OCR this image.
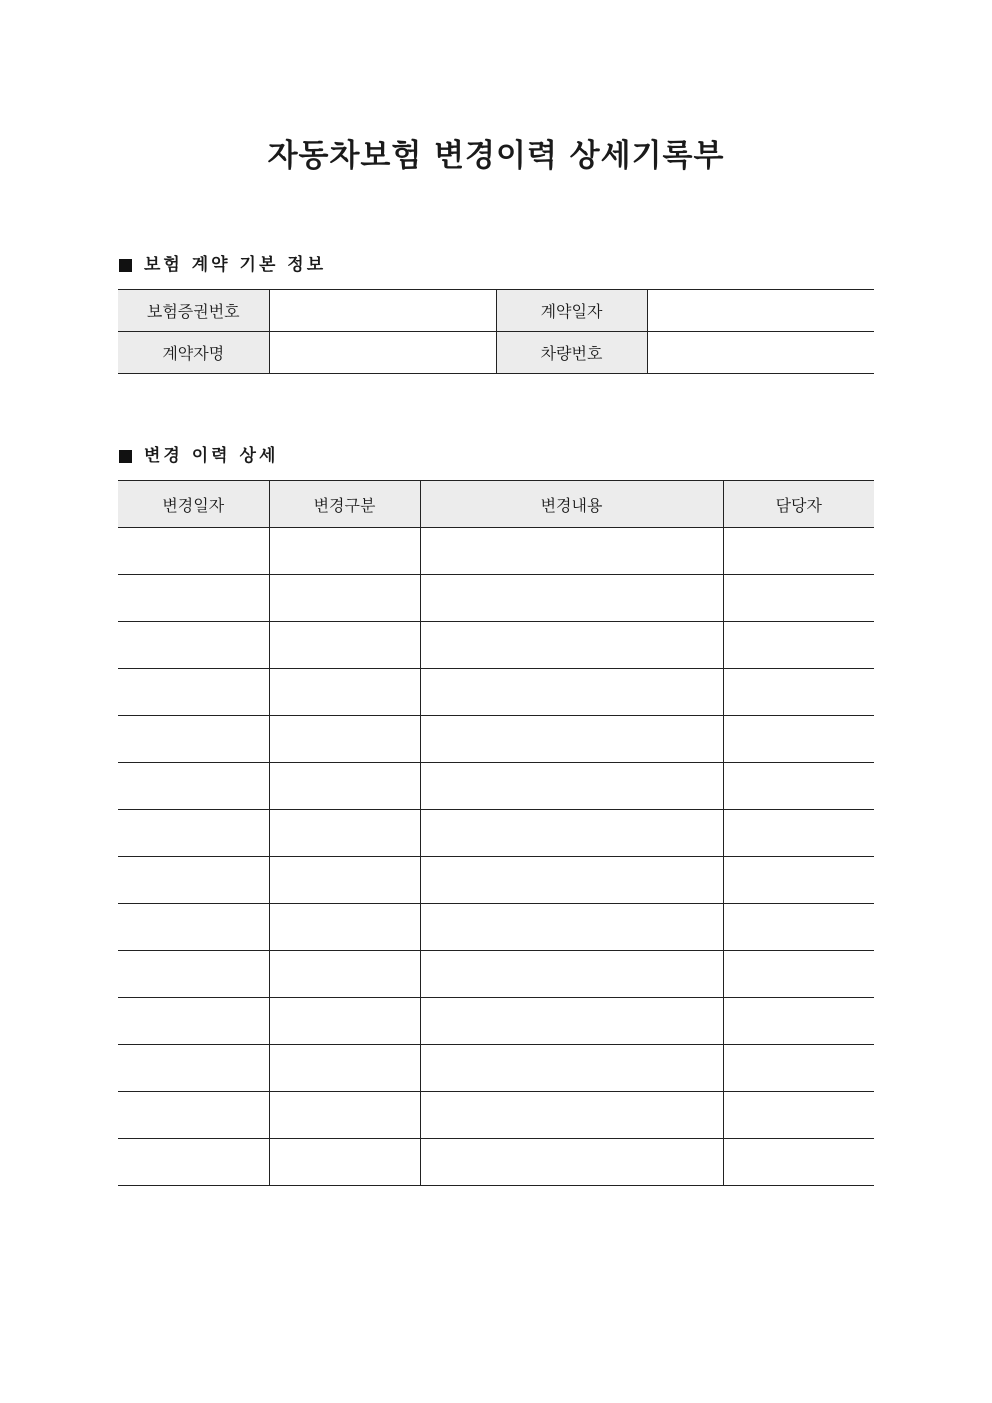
자동차보험 변경이력 상세기록부
보험 계약 기본 정보
보험증권번호		계약일자	
계약자명		차량번호	
변경 이력 상세
변경일자	변경구분	변경내용	담당자
